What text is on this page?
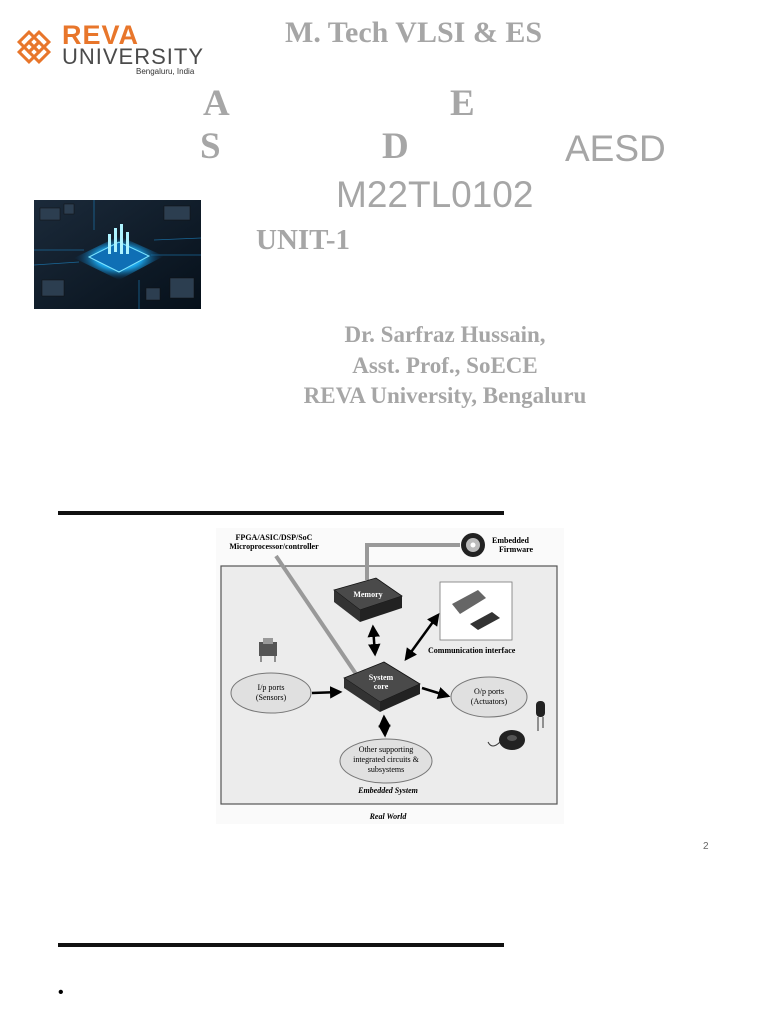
REVA
UNIVERSITY
Bengaluru, India
M. Tech VLSI & ES
A	E
S	D	AESD
M22TL0102
UNIT-1
Dr. Sarfraz Hussain,
Asst. Prof., SoECE
REVA University, Bengaluru
FPGA/ASIC/DSP/SoC
Microprocessor/controller
Embedded
Firmware
Memory
Communication interface
System
core
I/p ports
(Sensors)
O/p ports
(Actuators)
Other supporting
integrated circuits &
subsystems
Embedded System
Real World
2
•
